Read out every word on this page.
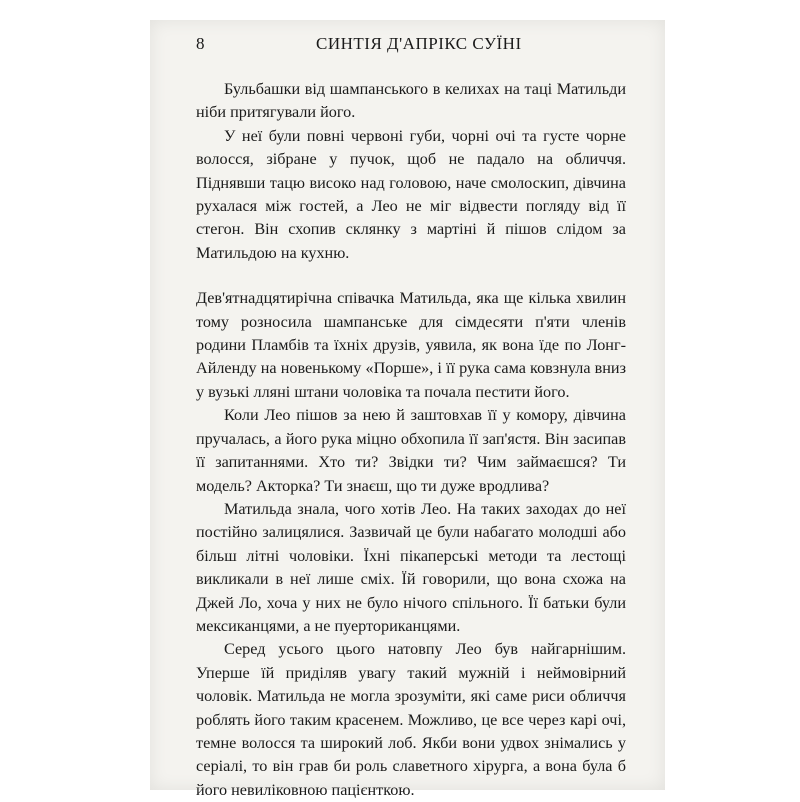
8	СИНТІЯ Д'АПРІКС СУЇНІ

Бульбашки від шампанського в келихах на таці Матильди ніби притягували його.

У неї були повні червоні губи, чорні очі та густе чорне волосся, зібране у пучок, щоб не падало на обличчя. Піднявши тацю високо над головою, наче смолоскип, дівчина рухалася між гостей, а Лео не міг відвести погляду від її стегон. Він схопив склянку з мартіні й пішов слідом за Матильдою на кухню.

Дев'ятнадцятирічна співачка Матильда, яка ще кілька хвилин тому розносила шампанське для сімдесяти п'яти членів родини Пламбів та їхніх друзів, уявила, як вона їде по Лонг-Айленду на новенькому «Порше», і її рука сама ковзнула вниз у вузькі лляні штани чоловіка та почала пестити його.

Коли Лео пішов за нею й заштовхав її у комору, дівчина пручалась, а його рука міцно обхопила її зап'ястя. Він засипав її запитаннями. Хто ти? Звідки ти? Чим займаєшся? Ти модель? Акторка? Ти знаєш, що ти дуже вродлива?

Матильда знала, чого хотів Лео. На таких заходах до неї постійно залицялися. Зазвичай це були набагато молодші або більш літні чоловіки. Їхні пікаперські методи та лестощі викликали в неї лише сміх. Їй говорили, що вона схожа на Джей Ло, хоча у них не було нічого спільного. Її батьки були мексиканцями, а не пуерториканцями.

Серед усього цього натовпу Лео був найгарнішим. Уперше їй приділяв увагу такий мужній і неймовірний чоловік. Матильда не могла зрозуміти, які саме риси обличчя роблять його таким красенем. Можливо, це все через карі очі, темне волосся та широкий лоб. Якби вони удвох знімались у серіалі, то він грав би роль славетного хірурга, а вона була б його невиліковною пацієнткою.
